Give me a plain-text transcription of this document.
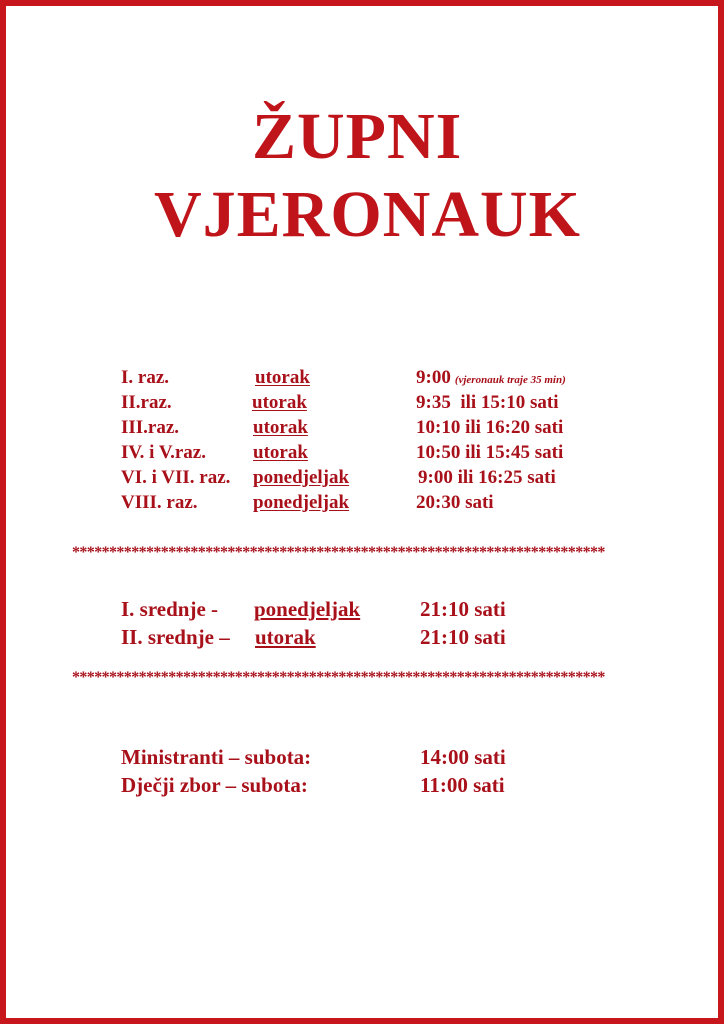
ŽUPNI
VJERONAUK
I. raz.	utorak	9:00 (vjeronauk traje 35 min)
II.raz.	utorak	9:35  ili 15:10 sati
III.raz.	utorak	10:10 ili 16:20 sati
IV. i V.raz. utorak	10:50 ili 15:45 sati
VI. i VII. raz. ponedjeljak	9:00 ili 16:25 sati
VIII. raz.	ponedjeljak	20:30 sati
************************************************************************
I. srednje - ponedjeljak	21:10 sati
II. srednje – utorak	21:10 sati
************************************************************************
Ministranti – subota:	14:00 sati
Dječji zbor – subota:	11:00 sati
